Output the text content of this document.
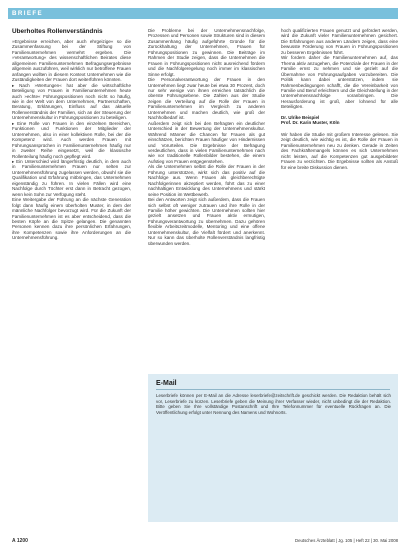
BRIEFE
Überholtes Rollenverständnis

»Ergebnisse erreichen, aber auch ehrgeizige« so die Zusammenfassung bei der Stiftung von Familienunternehmen vermehrt ergeben. Die »Verantwortung« des wissenschaftlichen Beirates diese allgemeinen Familienunternehmen Befragungsergebnisse allgemein auszuführen, weil wirklich nur betroffene Frauen anfangen wollten in diesem Kontext Unternehmen wie die Zuständigkeiten der Frauen dort weiterführen könnten.

▸ Nach »Wertungen« hat aber die wirtschaftliche Beteiligung von Frauen in Familienunternehmen heute auch »echte« Führungspositionen noch nicht so häufig, wie in der Welt von dem Unternehmen, Partnerschaften, Beratung, Erklärungen, Einfluss auf das aktuelle Rollenverständnis der Familien, sich an der Steuerung der Unternehmenskultur in Führungspositionen zu beteiligen.

▸ Eine Rolle von Frauen in den einzelnen Bereichen, Funktionen und Funktionen der Mitglieder der Unternehmen, also in einer kollektiven Rolle, bei der die Kompetenz wird. Auch werden Frauen mit Führungsansprüchen in Familienunternehmen häufig nur in zweiter Reihe eingesetzt, weil die klassische Rollenteilung häufig noch gepflegt wird.

▸ Ein Unterschied wird längerfristig deutlich, in dem auch in Familienunternehmen Frauen nur selten zur Unternehmensführung zugelassen werden, obwohl sie die Qualifikation und Erfahrung mitbringen, das Unternehmen eigenständig zu führen. In vielen Fällen wird eine Nachfolge durch Töchter erst dann in Betracht gezogen, wenn kein Sohn zur Verfügung steht.

Eine Weitergabe der Führung an die nächste Generation folgt dann häufig einem überholten Muster, in dem der männliche Nachfolger bevorzugt wird. Für die Zukunft der Familienunternehmen ist es aber entscheidend, dass die besten Köpfe an die Spitze gelangen. Die genannten Personen kennen dazu ihre persönlichen Erfahrungen, ihre Kompetenzen sowie ihre Anforderungen an die Unternehmensführung.

Die Probleme bei der Unternehmensnachfolge, Prozessen und Personen sowie Strukturen sind in diesem Zusammenhang häufig aufgeführte Gründe für die Zurückhaltung der Unternehmen, Frauen für Führungspositionen zu gewinnen. Die Beiträge im Rahmen der Studie zeigen, dass die Unternehmen die Frauen in Führungspositionen nicht ausreichend fördern und die Nachfolgeregelung noch immer im klassischen Sinne erfolgt.

Die Personalverantwortung der Frauen in den Unternehmen liegt zwar heute bei etwa 30 Prozent, doch nur sehr wenige von ihnen erreichen tatsächlich die oberste Führungsebene. Die Zahlen aus der Studie zeigen die Verteilung auf die Rolle der Frauen in Familienunternehmen im Vergleich zu anderen Unternehmen und machen deutlich, wie groß der Nachholbedarf ist.

Außerdem zeigt sich bei den Befragten ein deutlicher Unterschied in der Bewertung der Unternehmenskultur. Während Männer die Chancen für Frauen als gut einschätzen, berichten Frauen häufiger von Hindernissen und Vorurteilen. Die Ergebnisse der Befragung verdeutlichen, dass in vielen Familienunternehmen nach wie vor traditionelle Rollenbilder bestehen, die einem Aufstieg von Frauen entgegenstehen.

Als die Unternehmen selbst die Rolle der Frauen in der Führung unterstützen, wirkt sich das positiv auf die Nachfolge aus. Wenn Frauen als gleichberechtigte Nachfolgerinnen akzeptiert werden, führt das zu einer nachhaltigen Entwicklung des Unternehmens und stärkt seine Position im Wettbewerb.

Bei den Antworten zeigt sich außerdem, dass die Frauen sich selbst oft weniger zutrauen und ihre Rolle in der Familie höher gewichten. Die Unternehmen sollten hier gezielt ansetzen und Frauen aktiv ermutigen, Führungsverantwortung zu übernehmen. Dazu gehören flexible Arbeitszeitmodelle, Mentoring und eine offene Unternehmenskultur, die Vielfalt fördert und anerkennt. Nur so kann das überholte Rollenverständnis langfristig überwunden werden.

hoch qualifizierten Frauen genutzt und gefördert werden, wird die Zukunft vieler Familienunternehmen gesichert. Die Erfahrungen aus anderen Ländern zeigen, dass eine bewusste Förderung von Frauen in Führungspositionen zu besseren Ergebnissen führt.

Wir fordern daher die Familienunternehmen auf, das Thema aktiv anzugehen, die Potenziale der Frauen in der Familie ernst zu nehmen und sie gezielt auf die Übernahme von Führungsaufgaben vorzubereiten. Die Politik kann dabei unterstützen, indem sie Rahmenbedingungen schafft, die die Vereinbarkeit von Familie und Beruf erleichtern und die Gleichstellung in der Unternehmensnachfolge voranbringen. Die Herausforderung ist groß, aber lohnend für alle Beteiligten.

Dr. Ulrike Beispiel
Prof. Dr. Karin Muster, Köln

Wir haben die Studie mit großem Interesse gelesen. Sie zeigt deutlich, wie wichtig es ist, die Rolle der Frauen in Familienunternehmen neu zu denken. Gerade in Zeiten des Fachkräftemangels können es sich Unternehmen nicht leisten, auf die Kompetenzen gut ausgebildeter Frauen zu verzichten. Die Ergebnisse sollten als Anstoß für eine breite Diskussion dienen.

E-Mail
Leserbriefe können per E-Mail an die Adresse leserbriefe@zeitschrift.de geschickt werden. Die Redaktion behält sich vor, Leserbriefe zu kürzen. Leserbriefe geben die Meinung ihrer Verfasser wieder, nicht unbedingt die der Redaktion. Bitte geben Sie Ihre vollständige Postanschrift und Ihre Telefonnummer für eventuelle Rückfragen an. Die Veröffentlichung erfolgt unter Nennung des Namens und Wohnorts.
A 1200	Deutsches Ärzteblatt | Jg. 105 | Heft 22 | 30. Mai 2008
